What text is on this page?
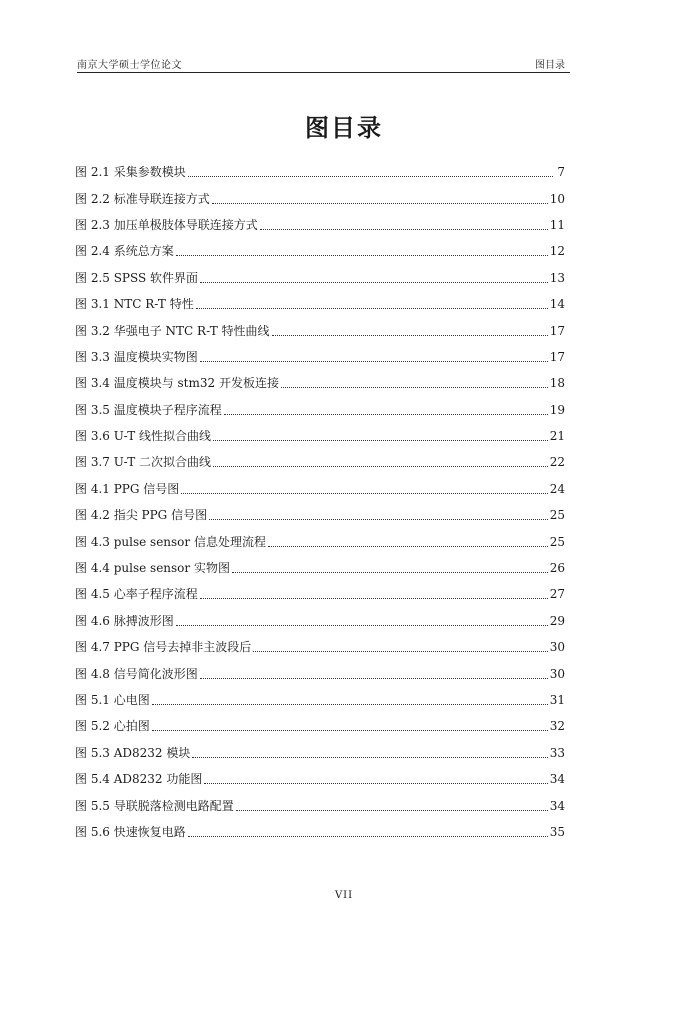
南京大学硕士学位论文	图目录
图目录
图 2.1 采集参数模块	7
图 2.2 标准导联连接方式	10
图 2.3 加压单极肢体导联连接方式	11
图 2.4 系统总方案	12
图 2.5 SPSS 软件界面	13
图 3.1 NTC R-T 特性	14
图 3.2 华强电子 NTC R-T 特性曲线	17
图 3.3 温度模块实物图	17
图 3.4 温度模块与 stm32 开发板连接	18
图 3.5 温度模块子程序流程	19
图 3.6 U-T 线性拟合曲线	21
图 3.7 U-T 二次拟合曲线	22
图 4.1 PPG 信号图	24
图 4.2 指尖 PPG 信号图	25
图 4.3 pulse sensor 信息处理流程	25
图 4.4 pulse sensor 实物图	26
图 4.5 心率子程序流程	27
图 4.6 脉搏波形图	29
图 4.7 PPG 信号去掉非主波段后	30
图 4.8 信号简化波形图	30
图 5.1 心电图	31
图 5.2 心拍图	32
图 5.3 AD8232 模块	33
图 5.4 AD8232 功能图	34
图 5.5 导联脱落检测电路配置	34
图 5.6 快速恢复电路	35
VII
